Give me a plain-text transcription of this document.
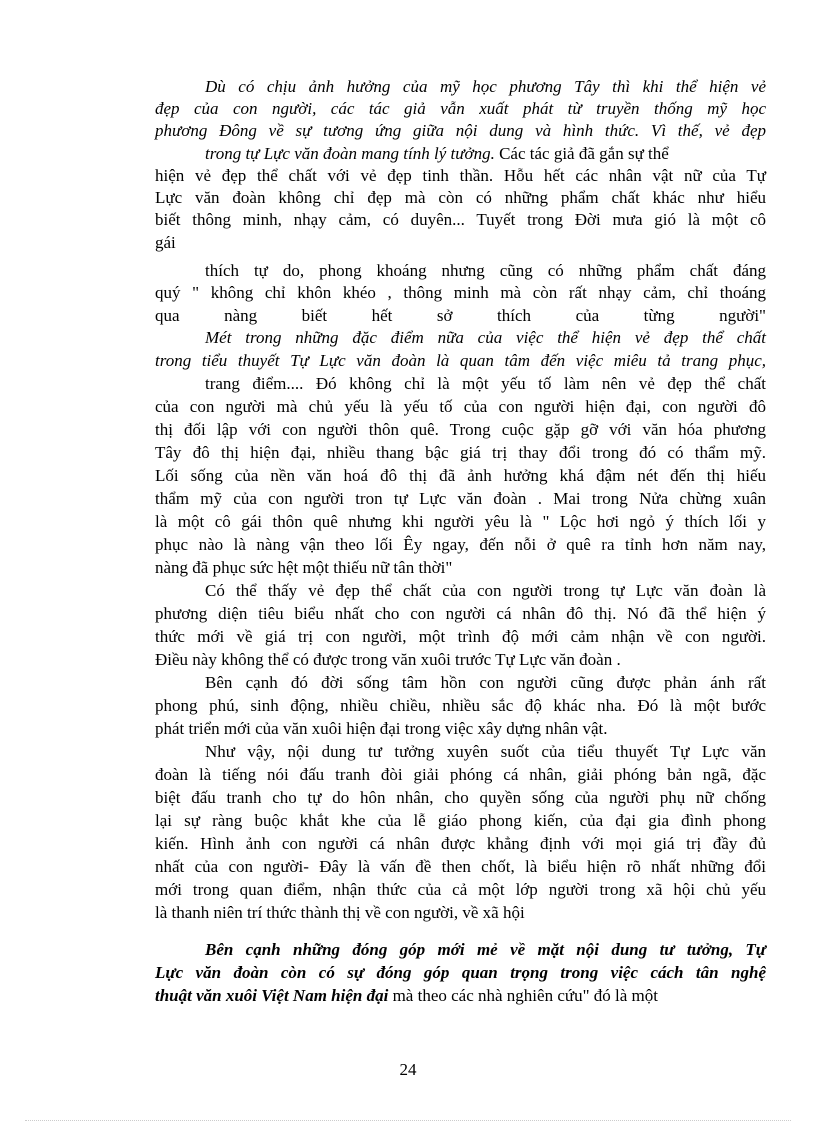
Dù có chịu ảnh hưởng của mỹ học phương Tây thì khi thể hiện vẻ
đẹp của con người, các tác giả vẫn xuất phát từ truyền thống mỹ học
phương Đông về sự tương ứng giữa nội dung và hình thức. Vì thế, vẻ đẹp
trong tự Lực văn đoàn mang tính lý tưởng. Các tác giả đã gắn sự thể
hiện vẻ đẹp thể chất với vẻ đẹp tinh thần. Hỗu hết các nhân vật nữ của Tự
Lực văn đoàn không chỉ đẹp mà còn có những phẩm chất khác như hiểu
biết thông minh, nhạy cảm, có duyên... Tuyết trong Đời mưa gió là một cô
gái
thích tự do, phong khoáng nhưng cũng có những phẩm chất đáng
quý " không chỉ khôn khéo , thông minh mà còn rất nhạy cảm, chỉ thoáng
qua nàng biết hết sở thích của từng người"
Mét trong những đặc điểm nữa của việc thể hiện vẻ đẹp thể chất
trong tiểu thuyết Tự Lực văn đoàn là quan tâm đến việc miêu tả trang phục,
trang điểm.... Đó không chỉ là một yếu tố làm nên vẻ đẹp thể chất
của con người mà chủ yếu là yếu tố của con người hiện đại, con người đô
thị đối lập với con người thôn quê. Trong cuộc gặp gỡ với văn hóa phương
Tây đô thị hiện đại, nhiều thang bậc giá trị thay đổi trong đó có thẩm mỹ.
Lối sống của nền văn hoá đô thị đã ảnh hưởng khá đậm nét đến thị hiếu
thẩm mỹ của con người tron tự Lực văn đoàn . Mai trong Nửa chừng xuân
là một cô gái thôn quê nhưng khi người yêu là " Lộc hơi ngỏ ý thích lối y
phục nào là nàng vận theo lối Êy ngay, đến nỗi ở quê ra tỉnh hơn năm nay,
nàng đã phục sức hệt một thiếu nữ tân thời"
Có thể thấy vẻ đẹp thể chất của con người trong tự Lực văn đoàn là
phương diện tiêu biểu nhất cho con người cá nhân đô thị. Nó đã thể hiện ý
thức mới về giá trị con người, một trình độ mới cảm nhận về con người.
Điều này không thể có được trong văn xuôi trước Tự Lực văn đoàn .
Bên cạnh đó đời sống tâm hồn con người cũng được phản ánh rất
phong phú, sinh động, nhiều chiều, nhiều sắc độ khác nha. Đó là một bước
phát triển mới của văn xuôi hiện đại trong việc xây dựng nhân vật.
Như vậy, nội dung tư tưởng xuyên suốt của tiểu thuyết Tự Lực văn
đoàn là tiếng nói đấu tranh đòi giải phóng cá nhân, giải phóng bản ngã, đặc
biệt đấu tranh cho tự do hôn nhân, cho quyền sống của người phụ nữ chống
lại sự ràng buộc khắt khe của lễ giáo phong kiến, của đại gia đình phong
kiến. Hình ảnh con người cá nhân được khẳng định với mọi giá trị đầy đủ
nhất của con người- Đây là vấn đề then chốt, là biểu hiện rõ nhất những đổi
mới trong quan điểm, nhận thức của cả một lớp người trong xã hội chủ yếu
là thanh niên trí thức thành thị về con người, về xã hội
Bên cạnh những đóng góp mới mẻ về mặt nội dung tư tưởng, Tự
Lực văn đoàn còn có sự đóng góp quan trọng trong việc cách tân nghệ
thuật văn xuôi Việt Nam hiện đại mà theo các nhà nghiên cứu" đó là một
24
